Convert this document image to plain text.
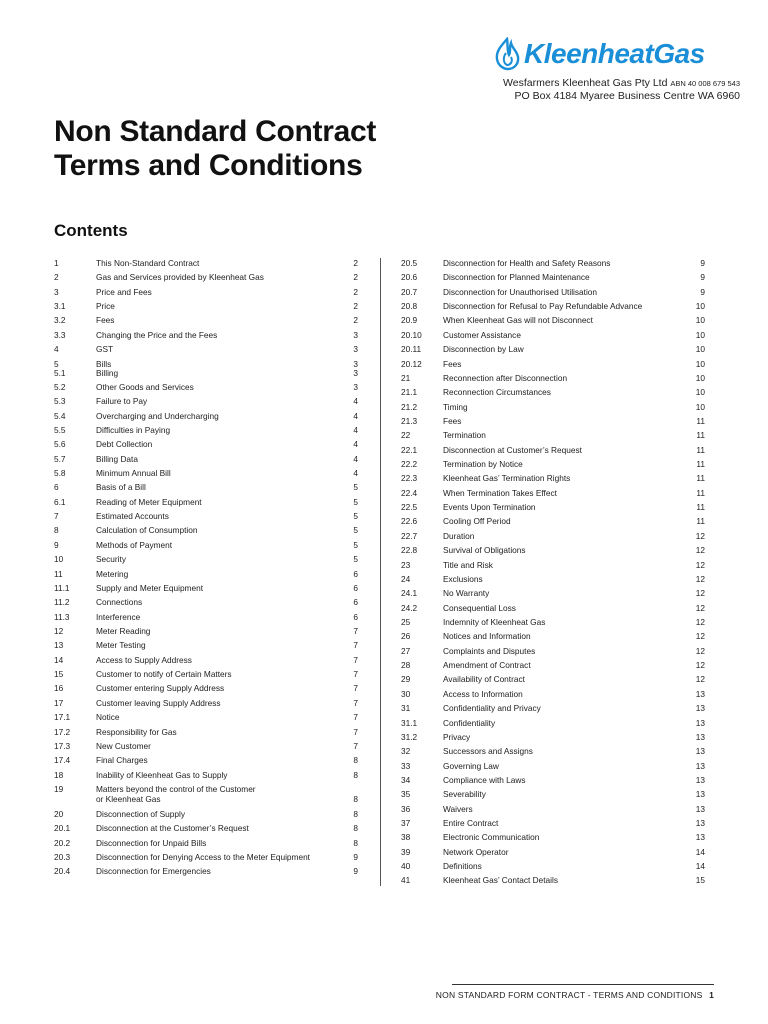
KleenheatGas
Wesfarmers Kleenheat Gas Pty Ltd ABN 40 008 679 543
PO Box 4184 Myaree Business Centre WA 6960
Non Standard Contract
Terms and Conditions
Contents
1	This Non-Standard Contract	2
2	Gas and Services provided by Kleenheat Gas	2
3	Price and Fees	2
3.1	Price	2
3.2	Fees	2
3.3	Changing the Price and the Fees	3
4	GST	3
5	Bills	3
5.1	Billing	3
5.2	Other Goods and Services	3
5.3	Failure to Pay	4
5.4	Overcharging and Undercharging	4
5.5	Difficulties in Paying	4
5.6	Debt Collection	4
5.7	Billing Data	4
5.8	Minimum Annual Bill	4
6	Basis of a Bill	5
6.1	Reading of Meter Equipment	5
7	Estimated Accounts	5
8	Calculation of Consumption	5
9	Methods of Payment	5
10	Security	5
11	Metering	6
11.1	Supply and Meter Equipment	6
11.2	Connections	6
11.3	Interference	6
12	Meter Reading	7
13	Meter Testing	7
14	Access to Supply Address	7
15	Customer to notify of Certain Matters	7
16	Customer entering Supply Address	7
17	Customer leaving Supply Address	7
17.1	Notice	7
17.2	Responsibility for Gas	7
17.3	New Customer	7
17.4	Final Charges	8
18	Inability of Kleenheat Gas to Supply	8
19	Matters beyond the control of the Customer
or Kleenheat Gas	8
20	Disconnection of Supply	8
20.1	Disconnection at the Customer’s Request	8
20.2	Disconnection for Unpaid Bills	8
20.3	Disconnection for Denying Access to the Meter Equipment	9
20.4	Disconnection for Emergencies	9
20.5	Disconnection for Health and Safety Reasons	9
20.6	Disconnection for Planned Maintenance	9
20.7	Disconnection for Unauthorised Utilisation	9
20.8	Disconnection for Refusal to Pay Refundable Advance	10
20.9	When Kleenheat Gas will not Disconnect	10
20.10	Customer Assistance	10
20.11	Disconnection by Law	10
20.12	Fees	10
21	Reconnection after Disconnection	10
21.1	Reconnection Circumstances	10
21.2	Timing	10
21.3	Fees	11
22	Termination	11
22.1	Disconnection at Customer’s Request	11
22.2	Termination by Notice	11
22.3	Kleenheat Gas’ Termination Rights	11
22.4	When Termination Takes Effect	11
22.5	Events Upon Termination	11
22.6	Cooling Off Period	11
22.7	Duration	12
22.8	Survival of Obligations	12
23	Title and Risk	12
24	Exclusions	12
24.1	No Warranty	12
24.2	Consequential Loss	12
25	Indemnity of Kleenheat Gas	12
26	Notices and Information	12
27	Complaints and Disputes	12
28	Amendment of Contract	12
29	Availability of Contract	12
30	Access to Information	13
31	Confidentiality and Privacy	13
31.1	Confidentiality	13
31.2	Privacy	13
32	Successors and Assigns	13
33	Governing Law	13
34	Compliance with Laws	13
35	Severability	13
36	Waivers	13
37	Entire Contract	13
38	Electronic Communication	13
39	Network Operator	14
40	Definitions	14
41	Kleenheat Gas’ Contact Details	15
NON STANDARD FORM CONTRACT - TERMS AND CONDITIONS 1
